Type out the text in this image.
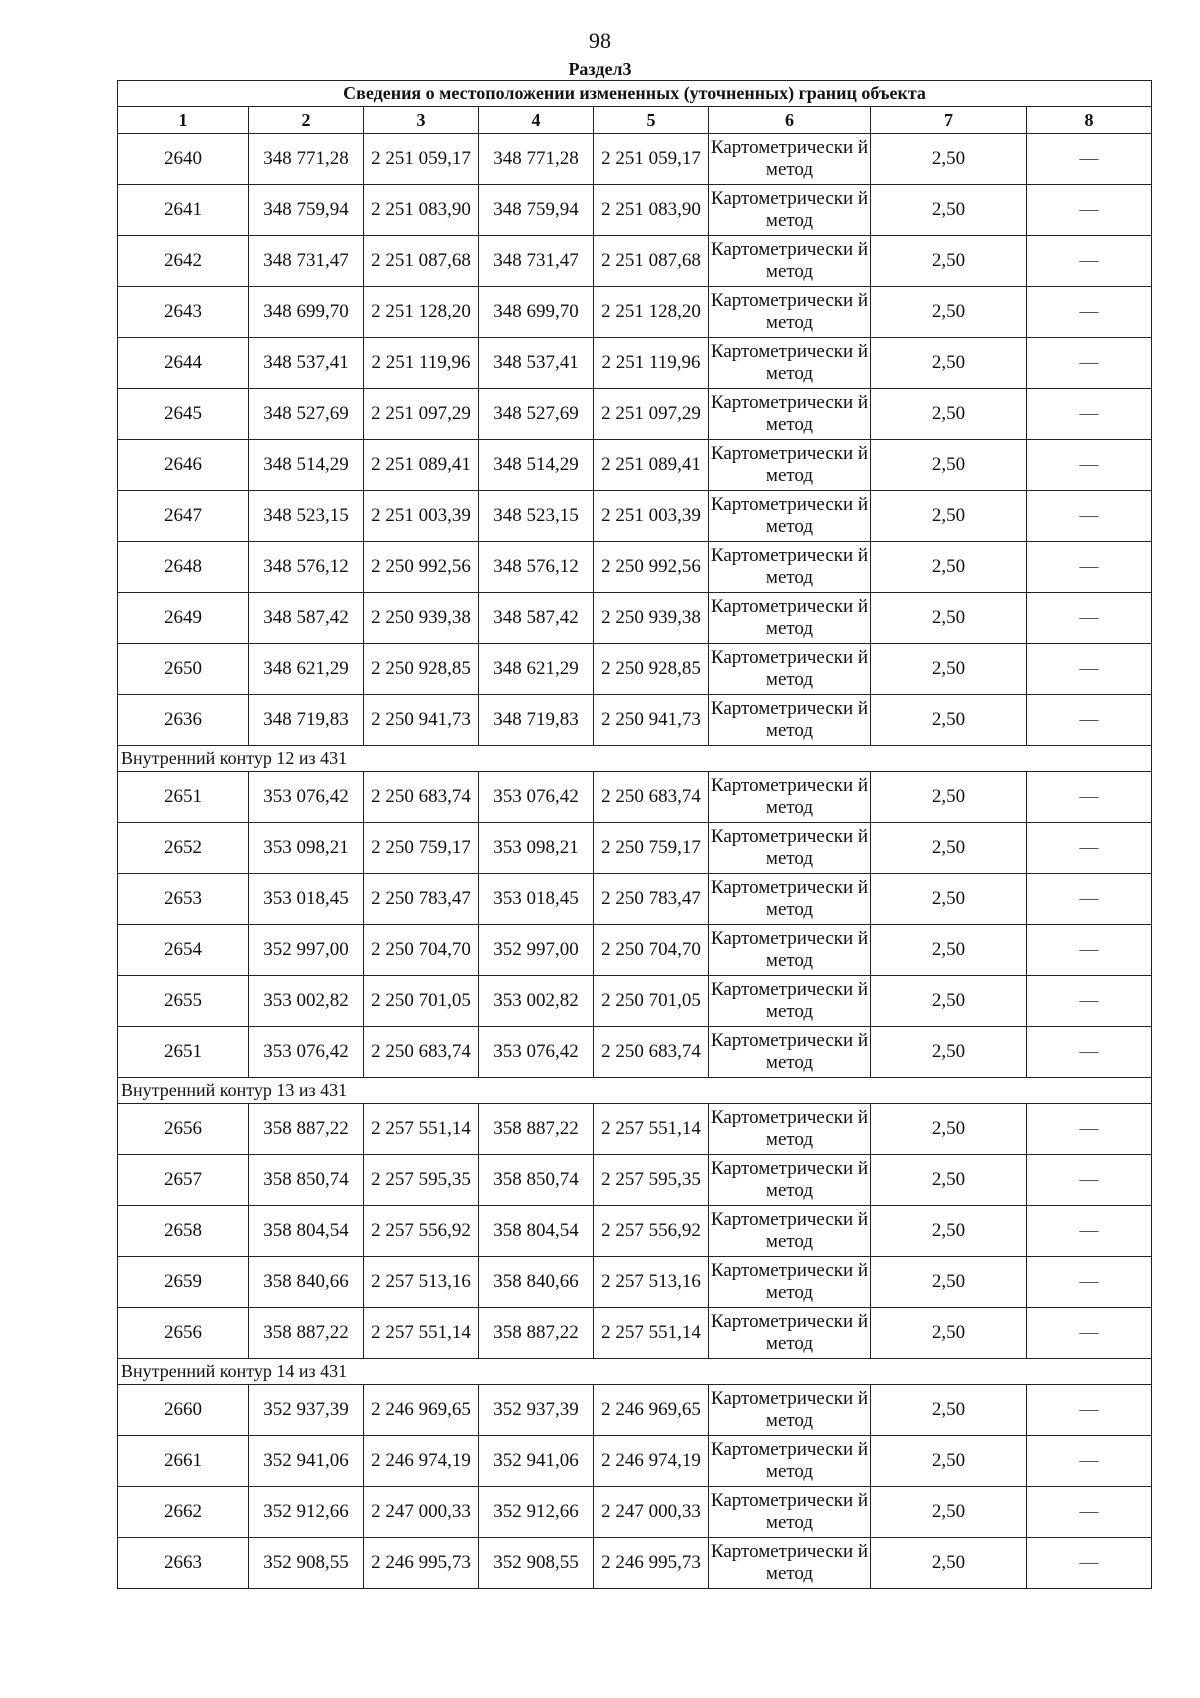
98
Раздел3
Сведения о местоположении измененных (уточненных) границ объекта							
1	2	3	4	5	6	7	8
2640	348 771,28	2 251 059,17	348 771,28	2 251 059,17	Картометрически й метод	2,50	—
2641	348 759,94	2 251 083,90	348 759,94	2 251 083,90	Картометрически й метод	2,50	—
2642	348 731,47	2 251 087,68	348 731,47	2 251 087,68	Картометрически й метод	2,50	—
2643	348 699,70	2 251 128,20	348 699,70	2 251 128,20	Картометрически й метод	2,50	—
2644	348 537,41	2 251 119,96	348 537,41	2 251 119,96	Картометрически й метод	2,50	—
2645	348 527,69	2 251 097,29	348 527,69	2 251 097,29	Картометрически й метод	2,50	—
2646	348 514,29	2 251 089,41	348 514,29	2 251 089,41	Картометрически й метод	2,50	—
2647	348 523,15	2 251 003,39	348 523,15	2 251 003,39	Картометрически й метод	2,50	—
2648	348 576,12	2 250 992,56	348 576,12	2 250 992,56	Картометрически й метод	2,50	—
2649	348 587,42	2 250 939,38	348 587,42	2 250 939,38	Картометрически й метод	2,50	—
2650	348 621,29	2 250 928,85	348 621,29	2 250 928,85	Картометрически й метод	2,50	—
2636	348 719,83	2 250 941,73	348 719,83	2 250 941,73	Картометрически й метод	2,50	—
Внутренний контур 12 из 431							
2651	353 076,42	2 250 683,74	353 076,42	2 250 683,74	Картометрически й метод	2,50	—
2652	353 098,21	2 250 759,17	353 098,21	2 250 759,17	Картометрически й метод	2,50	—
2653	353 018,45	2 250 783,47	353 018,45	2 250 783,47	Картометрически й метод	2,50	—
2654	352 997,00	2 250 704,70	352 997,00	2 250 704,70	Картометрически й метод	2,50	—
2655	353 002,82	2 250 701,05	353 002,82	2 250 701,05	Картометрически й метод	2,50	—
2651	353 076,42	2 250 683,74	353 076,42	2 250 683,74	Картометрически й метод	2,50	—
Внутренний контур 13 из 431							
2656	358 887,22	2 257 551,14	358 887,22	2 257 551,14	Картометрически й метод	2,50	—
2657	358 850,74	2 257 595,35	358 850,74	2 257 595,35	Картометрически й метод	2,50	—
2658	358 804,54	2 257 556,92	358 804,54	2 257 556,92	Картометрически й метод	2,50	—
2659	358 840,66	2 257 513,16	358 840,66	2 257 513,16	Картометрически й метод	2,50	—
2656	358 887,22	2 257 551,14	358 887,22	2 257 551,14	Картометрически й метод	2,50	—
Внутренний контур 14 из 431							
2660	352 937,39	2 246 969,65	352 937,39	2 246 969,65	Картометрически й метод	2,50	—
2661	352 941,06	2 246 974,19	352 941,06	2 246 974,19	Картометрически й метод	2,50	—
2662	352 912,66	2 247 000,33	352 912,66	2 247 000,33	Картометрически й метод	2,50	—
2663	352 908,55	2 246 995,73	352 908,55	2 246 995,73	Картометрически й метод	2,50	—
